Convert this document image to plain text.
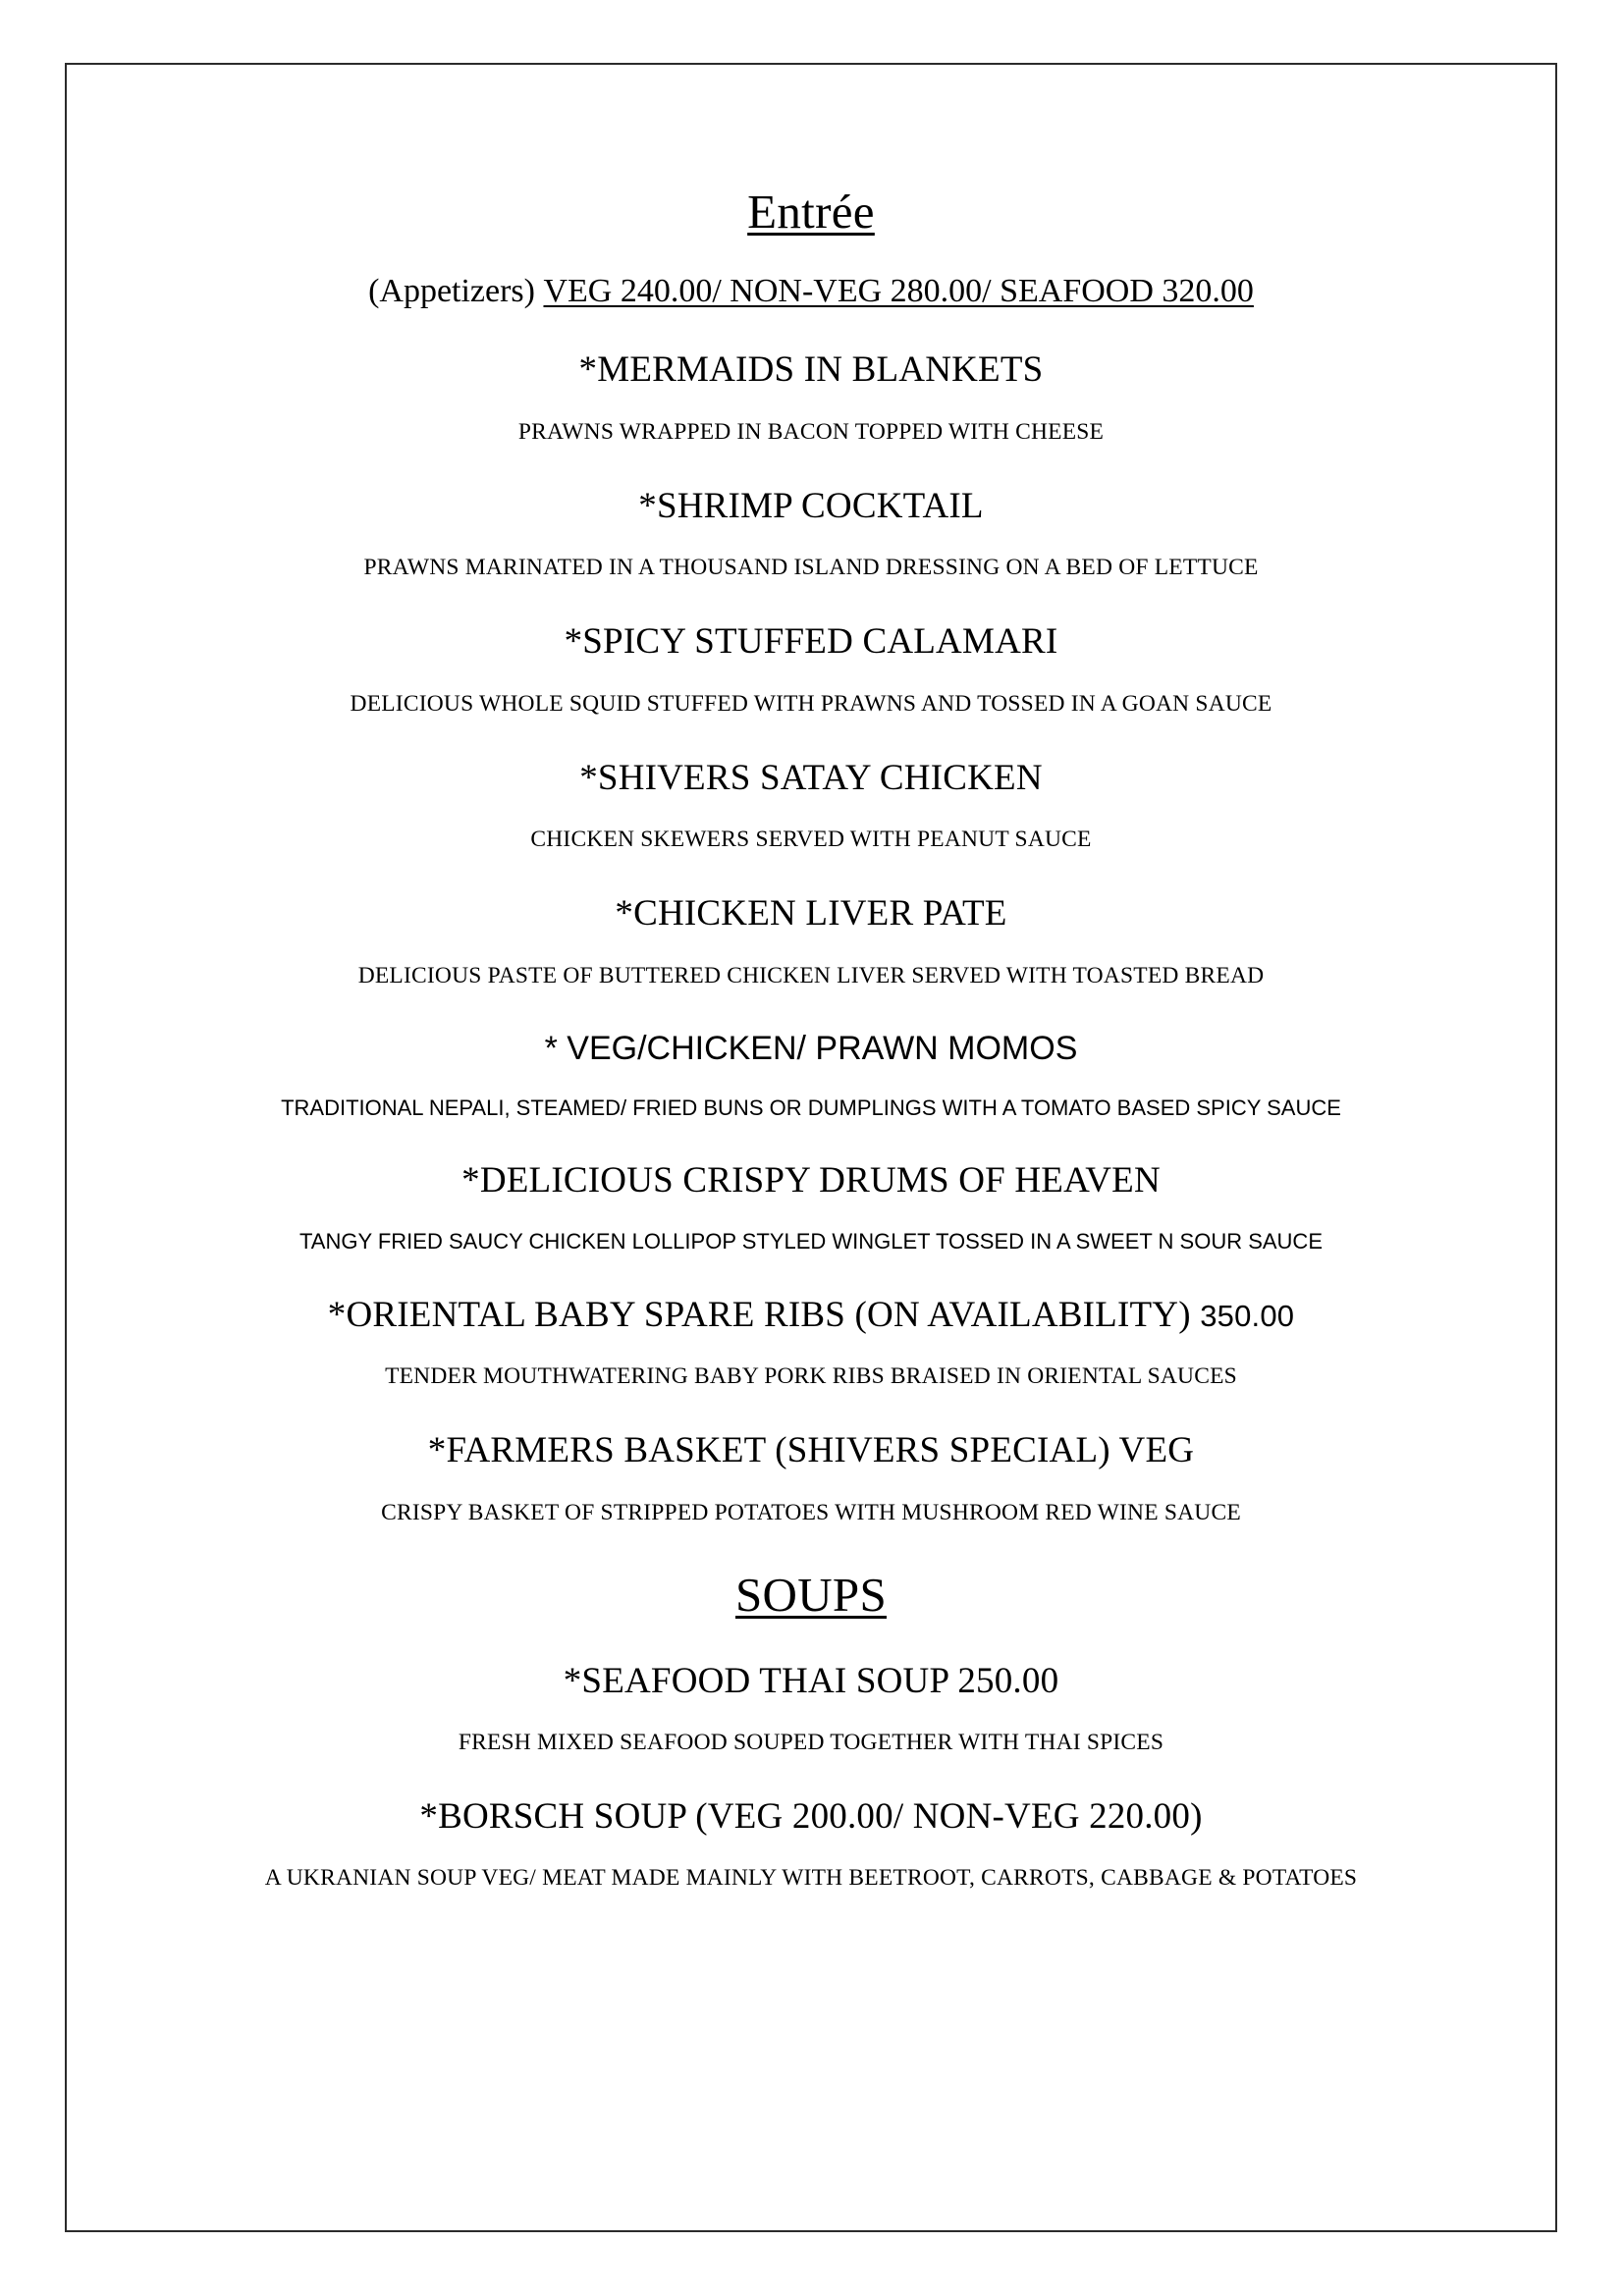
Entrée
(Appetizers) VEG 240.00/ NON-VEG 280.00/ SEAFOOD 320.00
*MERMAIDS IN BLANKETS
PRAWNS WRAPPED IN BACON TOPPED WITH CHEESE
*SHRIMP COCKTAIL
PRAWNS MARINATED IN A THOUSAND ISLAND DRESSING ON A BED OF LETTUCE
*SPICY STUFFED CALAMARI
DELICIOUS WHOLE SQUID STUFFED WITH PRAWNS AND TOSSED IN A GOAN SAUCE
*SHIVERS SATAY CHICKEN
CHICKEN SKEWERS SERVED WITH PEANUT SAUCE
*CHICKEN LIVER PATE
DELICIOUS PASTE OF BUTTERED CHICKEN LIVER SERVED WITH TOASTED BREAD
* VEG/CHICKEN/ PRAWN MOMOS
TRADITIONAL NEPALI, STEAMED/ FRIED BUNS OR DUMPLINGS WITH A TOMATO BASED SPICY SAUCE
*DELICIOUS CRISPY DRUMS OF HEAVEN
TANGY FRIED SAUCY CHICKEN LOLLIPOP STYLED WINGLET TOSSED IN A SWEET N SOUR SAUCE
*ORIENTAL BABY SPARE RIBS (ON AVAILABILITY) 350.00
TENDER MOUTHWATERING BABY PORK RIBS BRAISED IN ORIENTAL SAUCES
*FARMERS BASKET (SHIVERS SPECIAL) VEG
CRISPY BASKET OF STRIPPED POTATOES WITH MUSHROOM RED WINE SAUCE
SOUPS
*SEAFOOD THAI SOUP 250.00
FRESH MIXED SEAFOOD SOUPED TOGETHER WITH THAI SPICES
*BORSCH SOUP (VEG 200.00/ NON-VEG 220.00)
A UKRANIAN SOUP VEG/ MEAT MADE MAINLY WITH BEETROOT, CARROTS, CABBAGE & POTATOES
